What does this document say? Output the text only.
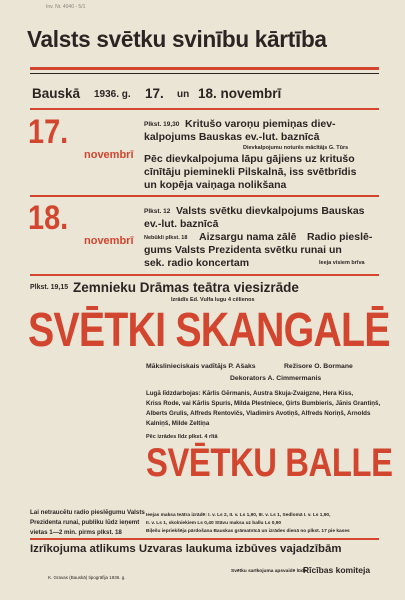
Inv. Nr. 4040 - 5/1
Valsts svētku svinību kārtība
Bauskā 1936. g. 17. un 18. novembrī
17.
novembrī
Plkst. 19,30 Kritušo varoņu piemiņas diev-
kalpojums Bauskas ev.-lut. baznīcā
Dievkalpojumu noturēs mācītājs G. Tūrs
Pēc dievkalpojuma lāpu gājiens uz kritušo
cīnītāju pieminekli Pilskalnā, iss svētbrīdis
un kopēja vaiņaga nolikšana
18.
novembrī
Plkst. 12 Valsts svētku dievkalpojums Bauskas
ev.-lut. baznīcā
Nebūkli plkst. 18 Aizsargu nama zālē Radio pieslē-
gums Valsts Prezidenta svētku runai un
sek. radio koncertam	Ieeja visiem brīva
Plkst. 19,15 Zemnieku Drāmas teātra viesizrāde
Izrādīs Ed. Vulfa lugu 4 cēlienos
SVĒTKI SKANGALĒ
Mākslinieciskais vadītājs P. Ašaks	Režisore O. Bormane
Dekorators A. Cimmermanis
Lugā līdzdarbojas: Kārlis Gērmanis, Austra Skuja-Zvaigzne, Hera Kiss,
Kriss Rode, vai Kārlis Spuris, Milda Plestniece, Ģirts Bumbieris, Jānis Grantiņš,
Alberts Grulis, Alfreds Rentovičs, Vladimirs Avotiņš, Alfreds Noriņš, Arnolds
Kalniņš, Milde Zeltiņa
Pēc izrādes līdz plkst. 4 rītā
SVĒTKU BALLE
Lai netraucētu radio pieslēgumu Valsts
Prezidenta runai, publiku lūdz ieņemt
vietas 1—2 min. pirms plkst. 18
Ieejas maksa teātra izrādē: I. v. Ls 2, II. v. Ls 1,90, III. v. Ls 1, Sedlomā I. v. Ls 1,90,
II. v. Ls 1, skolniekiem Ls 0,40 Stāvu maksa uz ballu Ls 0,90
Biļešu iepriekšēja pārdošana Bauskas grāmatnīcā un izrādes dienā no plkst. 17 pie kases
Izrīkojuma atlikums Uzvaras laukuma izbūves vajadzībām
K. Gravas (Bauskā) tipogrāfija 1936. g.
Svētku sarīkojuma apsvaidē lūdz
Rīcības komiteja
